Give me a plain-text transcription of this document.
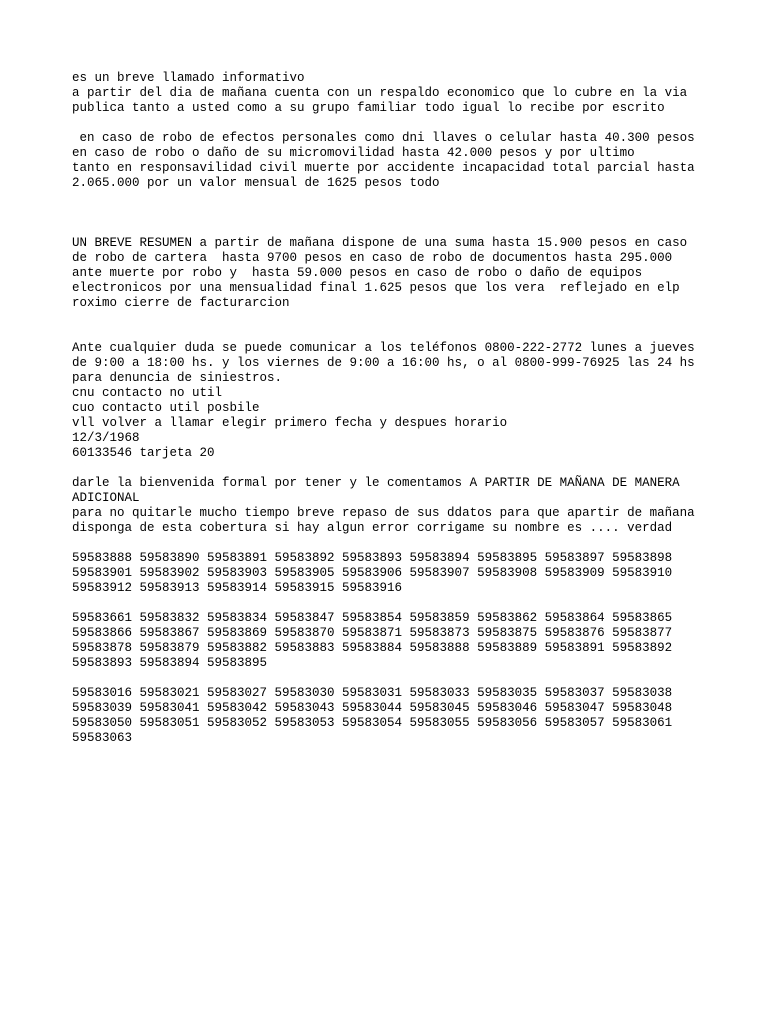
es un breve llamado informativo
a partir del dia de mañana cuenta con un respaldo economico que lo cubre en la via
publica tanto a usted como a su grupo familiar todo igual lo recibe por escrito
en caso de robo de efectos personales como dni llaves o celular hasta 40.300 pesos
en caso de robo o daño de su micromovilidad hasta 42.000 pesos y por ultimo
tanto en responsavilidad civil muerte por accidente incapacidad total parcial hasta
2.065.000 por un valor mensual de 1625 pesos todo
UN BREVE RESUMEN a partir de mañana dispone de una suma hasta 15.900 pesos en caso
de robo de cartera  hasta 9700 pesos en caso de robo de documentos hasta 295.000
ante muerte por robo y  hasta 59.000 pesos en caso de robo o daño de equipos
electronicos por una mensualidad final 1.625 pesos que los vera  reflejado en elp
roximo cierre de facturarcion
Ante cualquier duda se puede comunicar a los teléfonos 0800-222-2772 lunes a jueves
de 9:00 a 18:00 hs. y los viernes de 9:00 a 16:00 hs, o al 0800-999-76925 las 24 hs
para denuncia de siniestros.
cnu contacto no util
cuo contacto util posbile
vll volver a llamar elegir primero fecha y despues horario
12/3/1968
60133546 tarjeta 20
darle la bienvenida formal por tener y le comentamos A PARTIR DE MAÑANA DE MANERA
ADICIONAL
para no quitarle mucho tiempo breve repaso de sus ddatos para que apartir de mañana
disponga de esta cobertura si hay algun error corrigame su nombre es .... verdad
59583888 59583890 59583891 59583892 59583893 59583894 59583895 59583897 59583898
59583901 59583902 59583903 59583905 59583906 59583907 59583908 59583909 59583910
59583912 59583913 59583914 59583915 59583916
59583661 59583832 59583834 59583847 59583854 59583859 59583862 59583864 59583865
59583866 59583867 59583869 59583870 59583871 59583873 59583875 59583876 59583877
59583878 59583879 59583882 59583883 59583884 59583888 59583889 59583891 59583892
59583893 59583894 59583895
59583016 59583021 59583027 59583030 59583031 59583033 59583035 59583037 59583038
59583039 59583041 59583042 59583043 59583044 59583045 59583046 59583047 59583048
59583050 59583051 59583052 59583053 59583054 59583055 59583056 59583057 59583061
59583063
